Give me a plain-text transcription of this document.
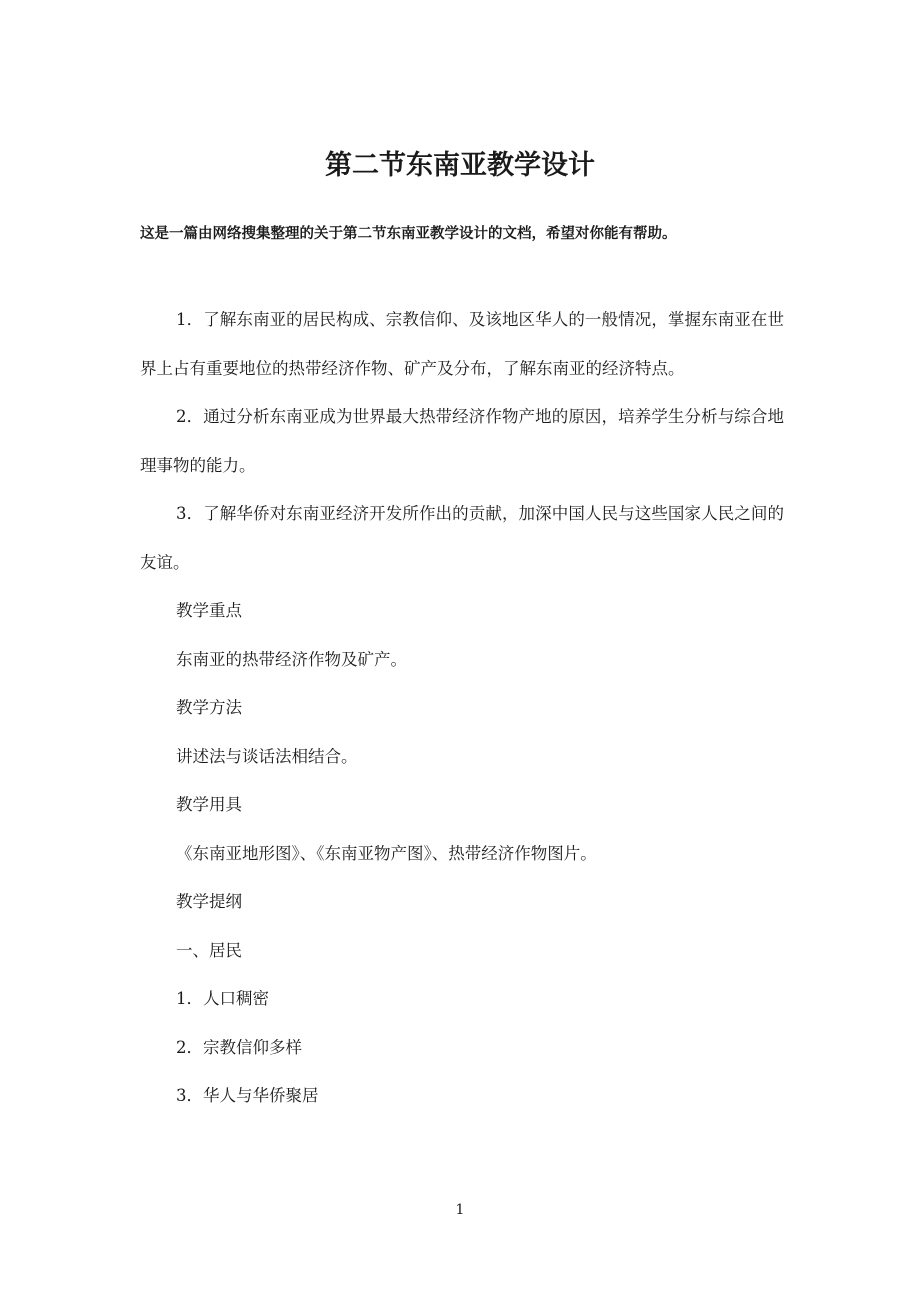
第二节东南亚教学设计

这是一篇由网络搜集整理的关于第二节东南亚教学设计的文档，希望对你能有帮助。

1．了解东南亚的居民构成、宗教信仰、及该地区华人的一般情况，掌握东南亚在世界上占有重要地位的热带经济作物、矿产及分布，了解东南亚的经济特点。

2．通过分析东南亚成为世界最大热带经济作物产地的原因，培养学生分析与综合地理事物的能力。

3．了解华侨对东南亚经济开发所作出的贡献，加深中国人民与这些国家人民之间的友谊。

教学重点

东南亚的热带经济作物及矿产。

教学方法

讲述法与谈话法相结合。

教学用具

《东南亚地形图》、《东南亚物产图》、热带经济作物图片。

教学提纲

一、居民

1．人口稠密

2．宗教信仰多样

3．华人与华侨聚居

1
